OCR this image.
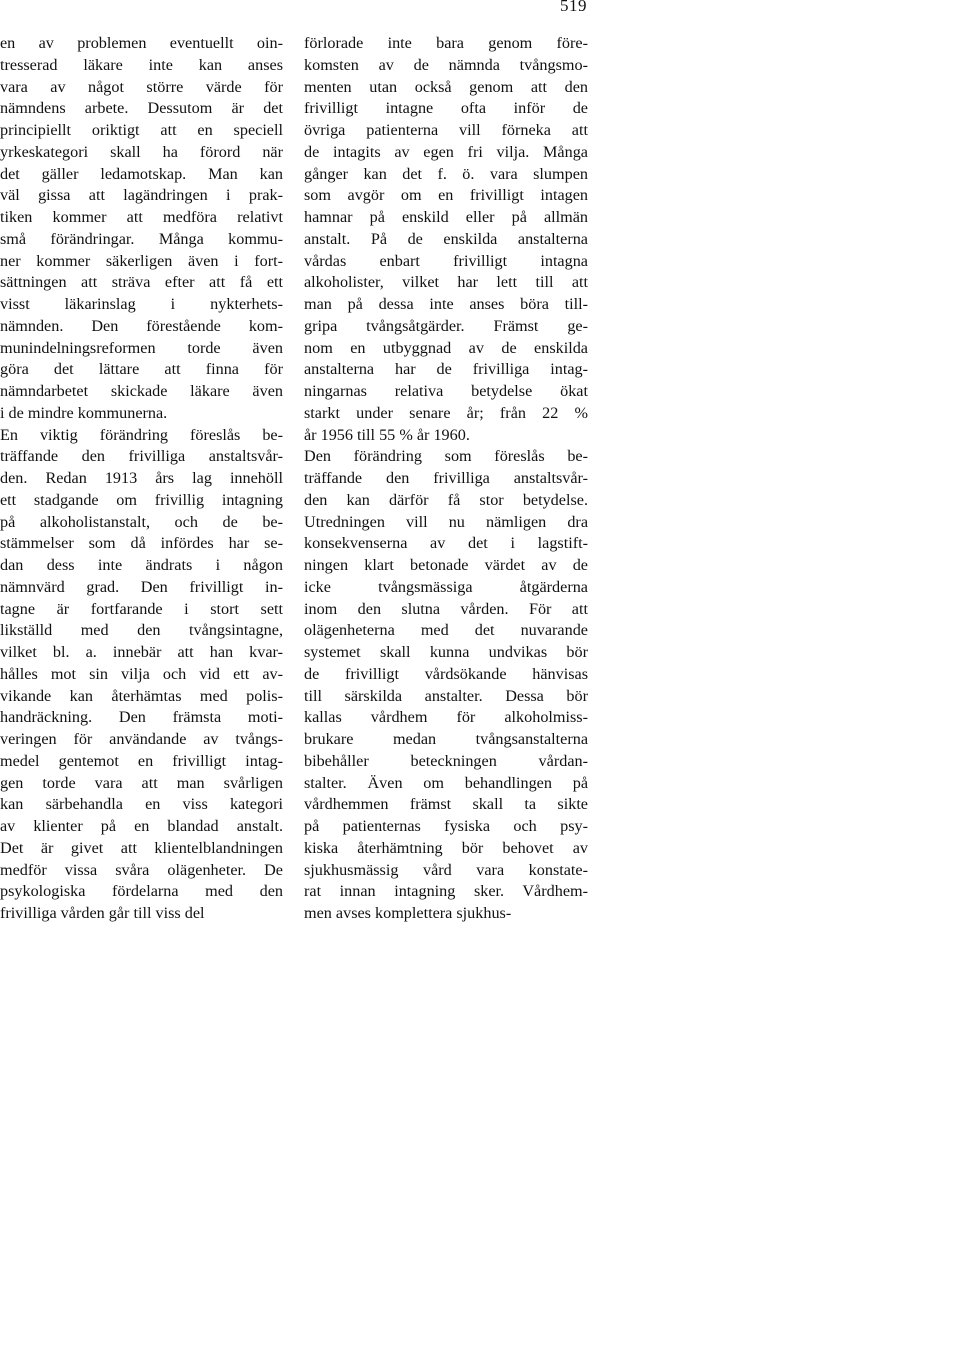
519
en av problemen eventuellt oin-
tresserad läkare inte kan anses
vara av något större värde för
nämndens arbete. Dessutom är det
principiellt oriktigt att en speciell
yrkeskategori skall ha förord när
det gäller ledamotskap. Man kan
väl gissa att lagändringen i prak-
tiken kommer att medföra relativt
små förändringar. Många kommu-
ner kommer säkerligen även i fort-
sättningen att sträva efter att få ett
visst läkarinslag i nykterhets-
nämnden. Den förestående kom-
munindelningsreformen torde även
göra det lättare att finna för
nämndarbetet skickade läkare även
i de mindre kommunerna.
En viktig förändring föreslås be-
träffande den frivilliga anstaltsvår-
den. Redan 1913 års lag innehöll
ett stadgande om frivillig intagning
på alkoholistanstalt, och de be-
stämmelser som då infördes har se-
dan dess inte ändrats i någon
nämnvärd grad. Den frivilligt in-
tagne är fortfarande i stort sett
likställd med den tvångsintagne,
vilket bl. a. innebär att han kvar-
hålles mot sin vilja och vid ett av-
vikande kan återhämtas med polis-
handräckning. Den främsta moti-
veringen för användande av tvångs-
medel gentemot en frivilligt intag-
gen torde vara att man svårligen
kan särbehandla en viss kategori
av klienter på en blandad anstalt.
Det är givet att klientelblandningen
medför vissa svåra olägenheter. De
psykologiska fördelarna med den
frivilliga vården går till viss del
förlorade inte bara genom före-
komsten av de nämnda tvångsmo-
menten utan också genom att den
frivilligt intagne ofta inför de
övriga patienterna vill förneka att
de intagits av egen fri vilja. Många
gånger kan det f. ö. vara slumpen
som avgör om en frivilligt intagen
hamnar på enskild eller på allmän
anstalt. På de enskilda anstalterna
vårdas enbart frivilligt intagna
alkoholister, vilket har lett till att
man på dessa inte anses böra till-
gripa tvångsåtgärder. Främst ge-
nom en utbyggnad av de enskilda
anstalterna har de frivilliga intag-
ningarnas relativa betydelse ökat
starkt under senare år; från 22 %
år 1956 till 55 % år 1960.
Den förändring som föreslås be-
träffande den frivilliga anstaltsvår-
den kan därför få stor betydelse.
Utredningen vill nu nämligen dra
konsekvenserna av det i lagstift-
ningen klart betonade värdet av de
icke tvångsmässiga åtgärderna
inom den slutna vården. För att
olägenheterna med det nuvarande
systemet skall kunna undvikas bör
de frivilligt vårdsökande hänvisas
till särskilda anstalter. Dessa bör
kallas vårdhem för alkoholmiss-
brukare medan tvångsanstalterna
bibehåller beteckningen vårdan-
stalter. Även om behandlingen på
vårdhemmen främst skall ta sikte
på patienternas fysiska och psy-
kiska återhämtning bör behovet av
sjukhusmässig vård vara konstate-
rat innan intagning sker. Vårdhem-
men avses komplettera sjukhus-
